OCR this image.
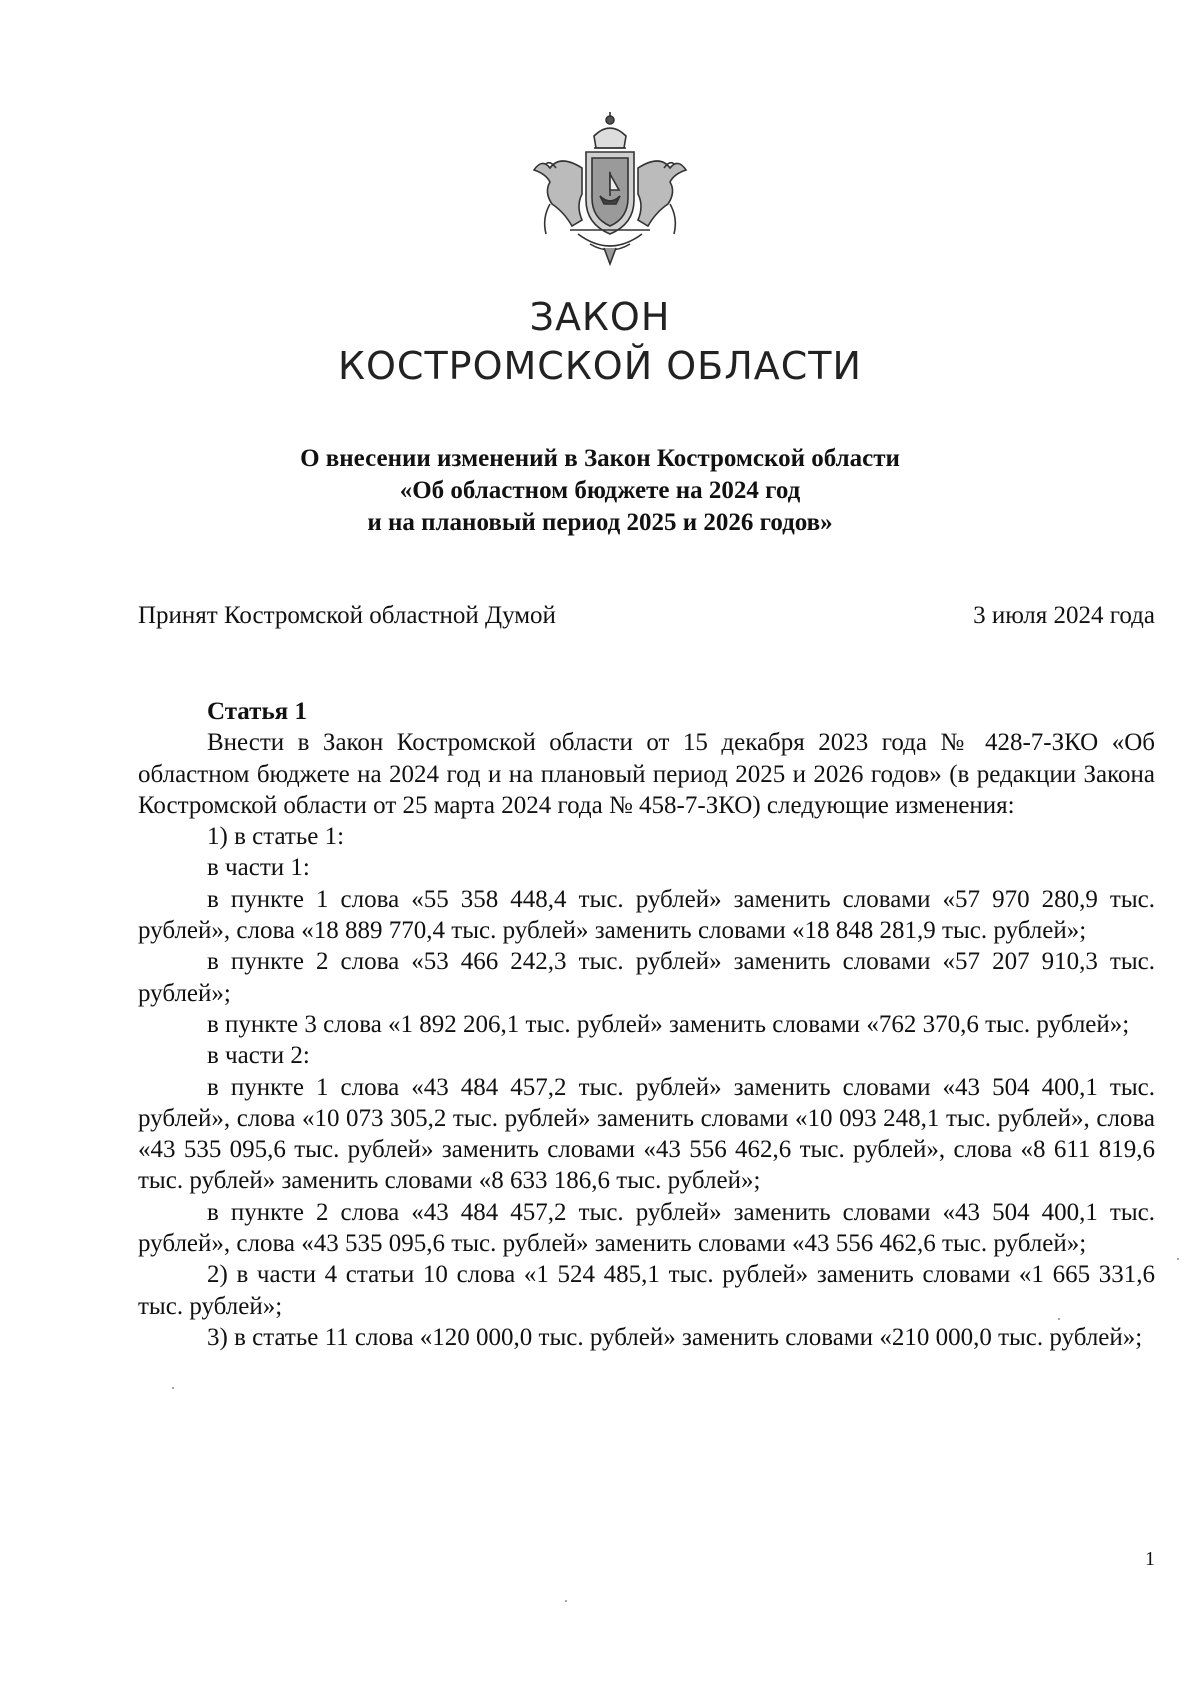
ЗАКОН
КОСТРОМСКОЙ ОБЛАСТИ
О внесении изменений в Закон Костромской области
«Об областном бюджете на 2024 год
и на плановый период 2025 и 2026 годов»
Принят Костромской областной Думой	3 июля 2024 года

Статья 1

Внести в Закон Костромской области от 15 декабря 2023 года № 428-7-ЗКО «Об областном бюджете на 2024 год и на плановый период 2025 и 2026 годов» (в редакции Закона Костромской области от 25 марта 2024 года № 458-7-ЗКО) следующие изменения:

1) в статье 1:

в части 1:

в пункте 1 слова «55 358 448,4 тыс. рублей» заменить словами «57 970 280,9 тыс. рублей», слова «18 889 770,4 тыс. рублей» заменить словами «18 848 281,9 тыс. рублей»;

в пункте 2 слова «53 466 242,3 тыс. рублей» заменить словами «57 207 910,3 тыс. рублей»;

в пункте 3 слова «1 892 206,1 тыс. рублей» заменить словами «762 370,6 тыс. рублей»;

в части 2:

в пункте 1 слова «43 484 457,2 тыс. рублей» заменить словами «43 504 400,1 тыс. рублей», слова «10 073 305,2 тыс. рублей» заменить словами «10 093 248,1 тыс. рублей», слова «43 535 095,6 тыс. рублей» заменить словами «43 556 462,6 тыс. рублей», слова «8 611 819,6 тыс. рублей» заменить словами «8 633 186,6 тыс. рублей»;

в пункте 2 слова «43 484 457,2 тыс. рублей» заменить словами «43 504 400,1 тыс. рублей», слова «43 535 095,6 тыс. рублей» заменить словами «43 556 462,6 тыс. рублей»;

2) в части 4 статьи 10 слова «1 524 485,1 тыс. рублей» заменить словами «1 665 331,6 тыс. рублей»;

3) в статье 11 слова «120 000,0 тыс. рублей» заменить словами «210 000,0 тыс. рублей»;

1
